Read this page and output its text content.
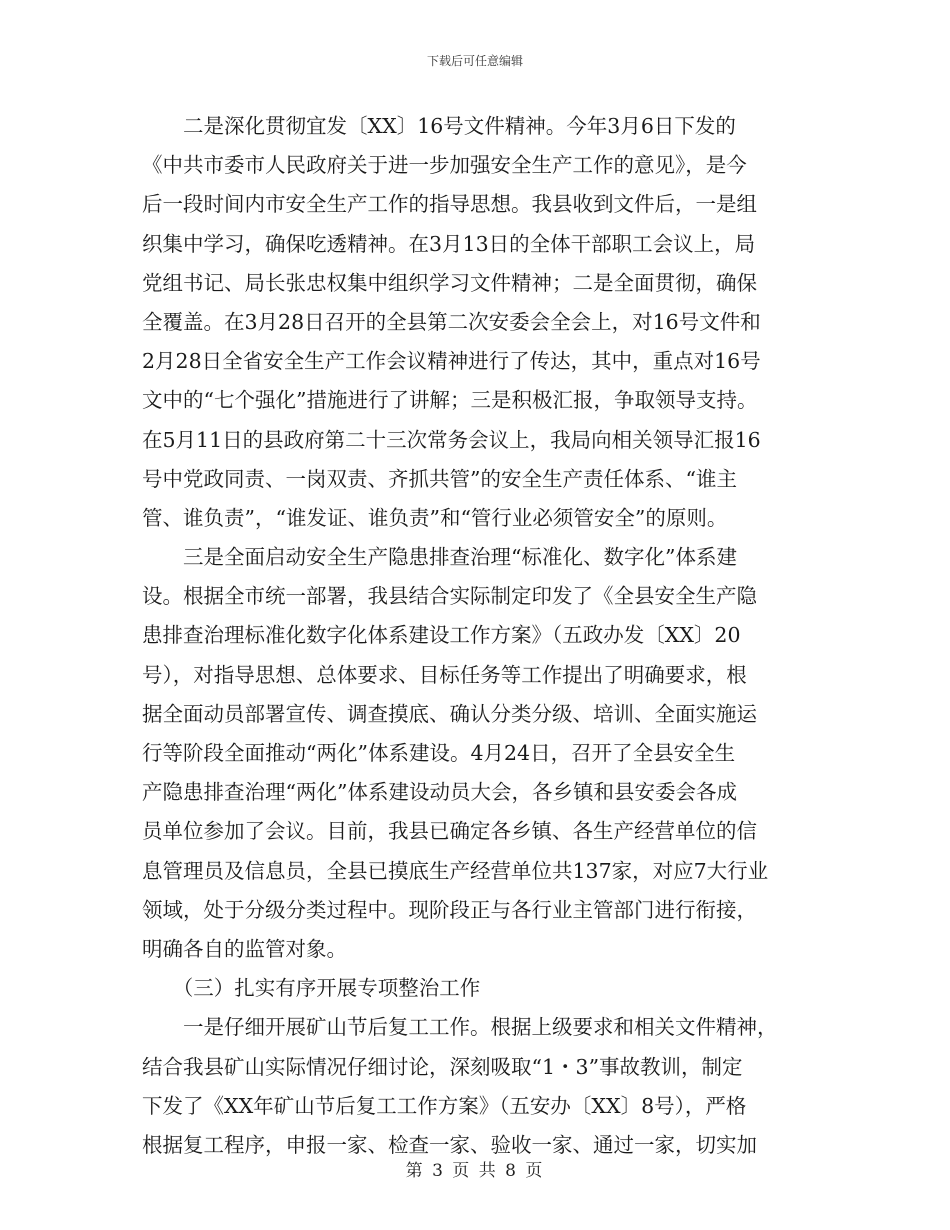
下载后可任意编辑
　　二是深化贯彻宜发〔XX〕16号文件精神。今年3月6日下发的
《中共市委市人民政府关于进一步加强安全生产工作的意见》，是今
后一段时间内市安全生产工作的指导思想。我县收到文件后，一是组
织集中学习，确保吃透精神。在3月13日的全体干部职工会议上，局
党组书记、局长张忠权集中组织学习文件精神；二是全面贯彻，确保
全覆盖。在3月28日召开的全县第二次安委会全会上，对16号文件和
2月28日全省安全生产工作会议精神进行了传达，其中，重点对16号
文中的“七个强化”措施进行了讲解；三是积极汇报，争取领导支持。
在5月11日的县政府第二十三次常务会议上，我局向相关领导汇报16
号中党政同责、一岗双责、齐抓共管”的安全生产责任体系、“谁主
管、谁负责”，“谁发证、谁负责”和“管行业必须管安全”的原则。
　　三是全面启动安全生产隐患排查治理“标准化、数字化”体系建
设。根据全市统一部署，我县结合实际制定印发了《全县安全生产隐
患排查治理标准化数字化体系建设工作方案》（五政办发〔XX〕20
号），对指导思想、总体要求、目标任务等工作提出了明确要求，根
据全面动员部署宣传、调查摸底、确认分类分级、培训、全面实施运
行等阶段全面推动“两化”体系建设。4月24日，召开了全县安全生
产隐患排查治理“两化”体系建设动员大会，各乡镇和县安委会各成
员单位参加了会议。目前，我县已确定各乡镇、各生产经营单位的信
息管理员及信息员，全县已摸底生产经营单位共137家，对应7大行业
领域，处于分级分类过程中。现阶段正与各行业主管部门进行衔接，
明确各自的监管对象。
　　（三）扎实有序开展专项整治工作
　　一是仔细开展矿山节后复工工作。根据上级要求和相关文件精神，
结合我县矿山实际情况仔细讨论，深刻吸取“1・3”事故教训，制定
下发了《XX年矿山节后复工工作方案》（五安办〔XX〕8号），严格
根据复工程序，申报一家、检查一家、验收一家、通过一家，切实加
第 3 页 共 8 页
